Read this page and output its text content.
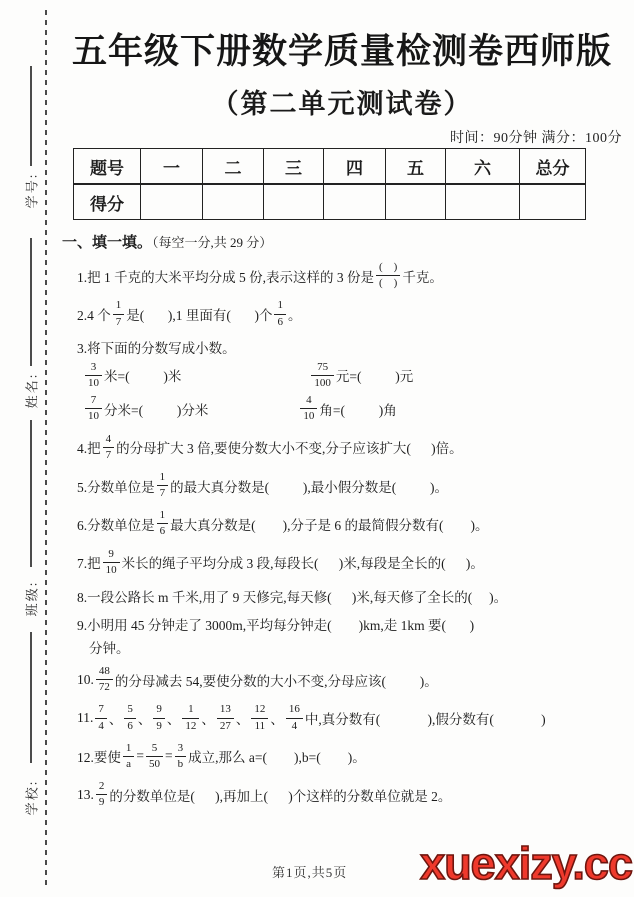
学号:
姓名:
班级:
学校:
五年级下册数学质量检测卷西师版
（第二单元测试卷）
时间：90分钟 满分：100分
题号	一	二	三	四	五	六	总分
得分							
一、填一填。（每空一分,共 29 分）
1.把 1 千克的大米平均分成 5 份,表示这样的 3 份是 $\frac{( )}{( )}$ 千克。
2.4 个 $\frac{1}{7}$ 是(       ),1 里面有(       )个 $\frac{1}{6}$ 。
3.将下面的分数写成小数。
$\frac{3}{10}$ 米=(          )米	$\frac{75}{100}$ 元=(          )元
$\frac{7}{10}$ 分米=(          )分米	$\frac{4}{10}$ 角=(          )角
4.把 $\frac{4}{7}$ 的分母扩大 3 倍,要使分数大小不变,分子应该扩大(      )倍。
5.分数单位是 $\frac{1}{7}$ 的最大真分数是(          ),最小假分数是(          )。
6.分数单位是 $\frac{1}{6}$ 最大真分数是(        ),分子是 6 的最简假分数有(        )。
7.把 $\frac{9}{10}$ 米长的绳子平均分成 3 段,每段长(      )米,每段是全长的(      )。
8.一段公路长 m 千米,用了 9 天修完,每天修(      )米,每天修了全长的(     )。
9.小明用 45 分钟走了 3000m,平均每分钟走(        )km,走 1km 要(       )
分钟。
10. $\frac{48}{72}$ 的分母减去 54,要使分数的大小不变,分母应该(          )。
11. $\frac{7}{4}$ 、 $\frac{5}{6}$ 、 $\frac{9}{9}$ 、 $\frac{1}{12}$ 、 $\frac{13}{27}$ 、 $\frac{12}{11}$ 、 $\frac{16}{4}$ 中,真分数有(              ),假分数有(              )
12.要使 $\frac{1}{a} = \frac{5}{50} = \frac{3}{b}$ 成立,那么 a=(        ),b=(        )。
13. $\frac{2}{9}$ 的分数单位是(      ),再加上(      )个这样的分数单位就是 2。
第1页,共5页 xuexizy.cc
